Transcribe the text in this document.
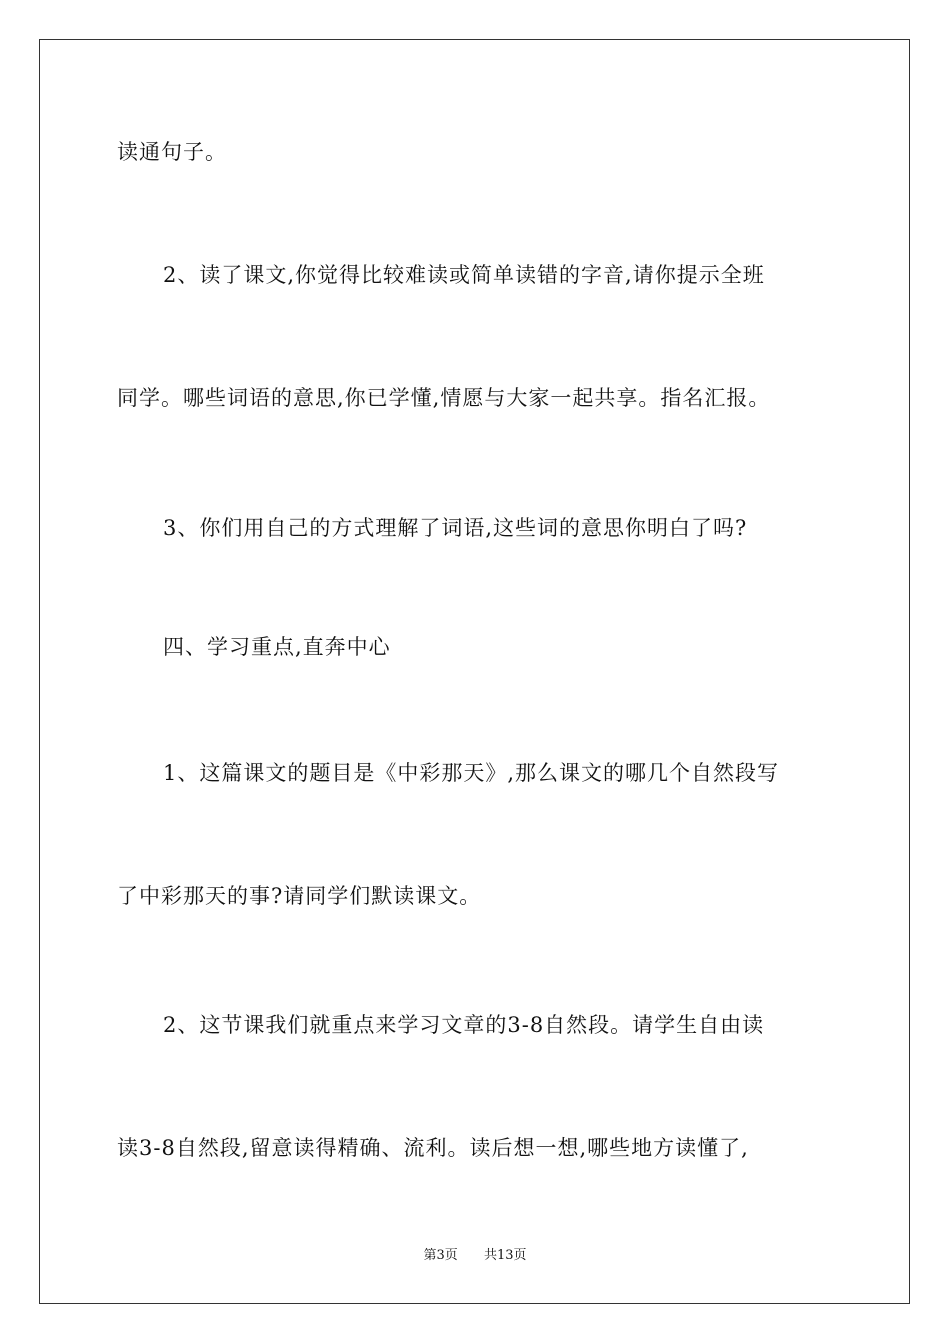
读通句子。
2、读了课文,你觉得比较难读或简单读错的字音,请你提示全班
同学。哪些词语的意思,你已学懂,情愿与大家一起共享。指名汇报。
3、你们用自己的方式理解了词语,这些词的意思你明白了吗?
四、学习重点,直奔中心
1、这篇课文的题目是《中彩那天》,那么课文的哪几个自然段写
了中彩那天的事?请同学们默读课文。
2、这节课我们就重点来学习文章的3-8自然段。请学生自由读
读3-8自然段,留意读得精确、流利。读后想一想,哪些地方读懂了,
第3页 共13页
